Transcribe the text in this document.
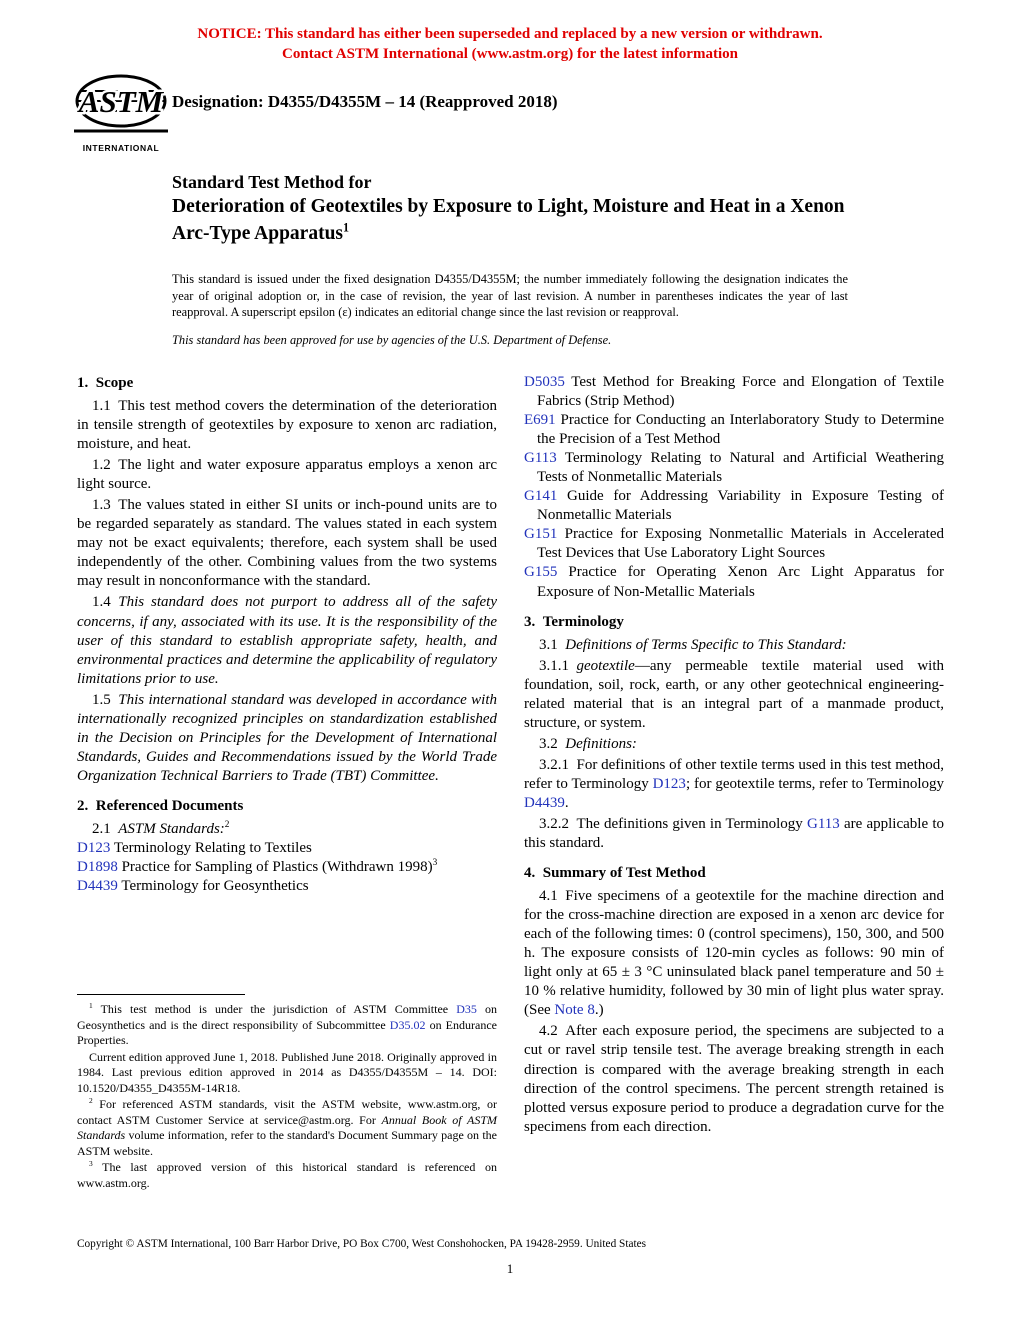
NOTICE: This standard has either been superseded and replaced by a new version or withdrawn.
Contact ASTM International (www.astm.org) for the latest information
ASTM
INTERNATIONAL
Designation: D4355/D4355M – 14 (Reapproved 2018)
Standard Test Method for
Deterioration of Geotextiles by Exposure to Light, Moisture and Heat in a Xenon Arc-Type Apparatus$^1$
This standard is issued under the fixed designation D4355/D4355M; the number immediately following the designation indicates the year of original adoption or, in the case of revision, the year of last revision. A number in parentheses indicates the year of last reapproval. A superscript epsilon (ε) indicates an editorial change since the last revision or reapproval.
This standard has been approved for use by agencies of the U.S. Department of Defense.
1. Scope
1.1 This test method covers the determination of the deterioration in tensile strength of geotextiles by exposure to xenon arc radiation, moisture, and heat.
1.2 The light and water exposure apparatus employs a xenon arc light source.
1.3 The values stated in either SI units or inch-pound units are to be regarded separately as standard. The values stated in each system may not be exact equivalents; therefore, each system shall be used independently of the other. Combining values from the two systems may result in nonconformance with the standard.
1.4 This standard does not purport to address all of the safety concerns, if any, associated with its use. It is the responsibility of the user of this standard to establish appropriate safety, health, and environmental practices and determine the applicability of regulatory limitations prior to use.
1.5 This international standard was developed in accordance with internationally recognized principles on standardization established in the Decision on Principles for the Development of International Standards, Guides and Recommendations issued by the World Trade Organization Technical Barriers to Trade (TBT) Committee.
2. Referenced Documents
2.1 ASTM Standards:$^2$
D123 Terminology Relating to Textiles
D1898 Practice for Sampling of Plastics (Withdrawn 1998)$^3$
D4439 Terminology for Geosynthetics
$^1$ This test method is under the jurisdiction of ASTM Committee D35 on Geosynthetics and is the direct responsibility of Subcommittee D35.02 on Endurance Properties.
Current edition approved June 1, 2018. Published June 2018. Originally approved in 1984. Last previous edition approved in 2014 as D4355/D4355M – 14. DOI: 10.1520/D4355_D4355M-14R18.
$^2$ For referenced ASTM standards, visit the ASTM website, www.astm.org, or contact ASTM Customer Service at service@astm.org. For Annual Book of ASTM Standards volume information, refer to the standard's Document Summary page on the ASTM website.
$^3$ The last approved version of this historical standard is referenced on www.astm.org.
D5035 Test Method for Breaking Force and Elongation of Textile Fabrics (Strip Method)
E691 Practice for Conducting an Interlaboratory Study to Determine the Precision of a Test Method
G113 Terminology Relating to Natural and Artificial Weathering Tests of Nonmetallic Materials
G141 Guide for Addressing Variability in Exposure Testing of Nonmetallic Materials
G151 Practice for Exposing Nonmetallic Materials in Accelerated Test Devices that Use Laboratory Light Sources
G155 Practice for Operating Xenon Arc Light Apparatus for Exposure of Non-Metallic Materials
3. Terminology
3.1 Definitions of Terms Specific to This Standard:
3.1.1 geotextile—any permeable textile material used with foundation, soil, rock, earth, or any other geotechnical engineering-related material that is an integral part of a manmade product, structure, or system.
3.2 Definitions:
3.2.1 For definitions of other textile terms used in this test method, refer to Terminology D123; for geotextile terms, refer to Terminology D4439.
3.2.2 The definitions given in Terminology G113 are applicable to this standard.
4. Summary of Test Method
4.1 Five specimens of a geotextile for the machine direction and for the cross-machine direction are exposed in a xenon arc device for each of the following times: 0 (control specimens), 150, 300, and 500 h. The exposure consists of 120-min cycles as follows: 90 min of light only at 65 ± 3 °C uninsulated black panel temperature and 50 ± 10 % relative humidity, followed by 30 min of light plus water spray. (See Note 8.)
4.2 After each exposure period, the specimens are subjected to a cut or ravel strip tensile test. The average breaking strength in each direction is compared with the average breaking strength in each direction of the control specimens. The percent strength retained is plotted versus exposure period to produce a degradation curve for the specimens from each direction.
Copyright © ASTM International, 100 Barr Harbor Drive, PO Box C700, West Conshohocken, PA 19428-2959. United States
1
